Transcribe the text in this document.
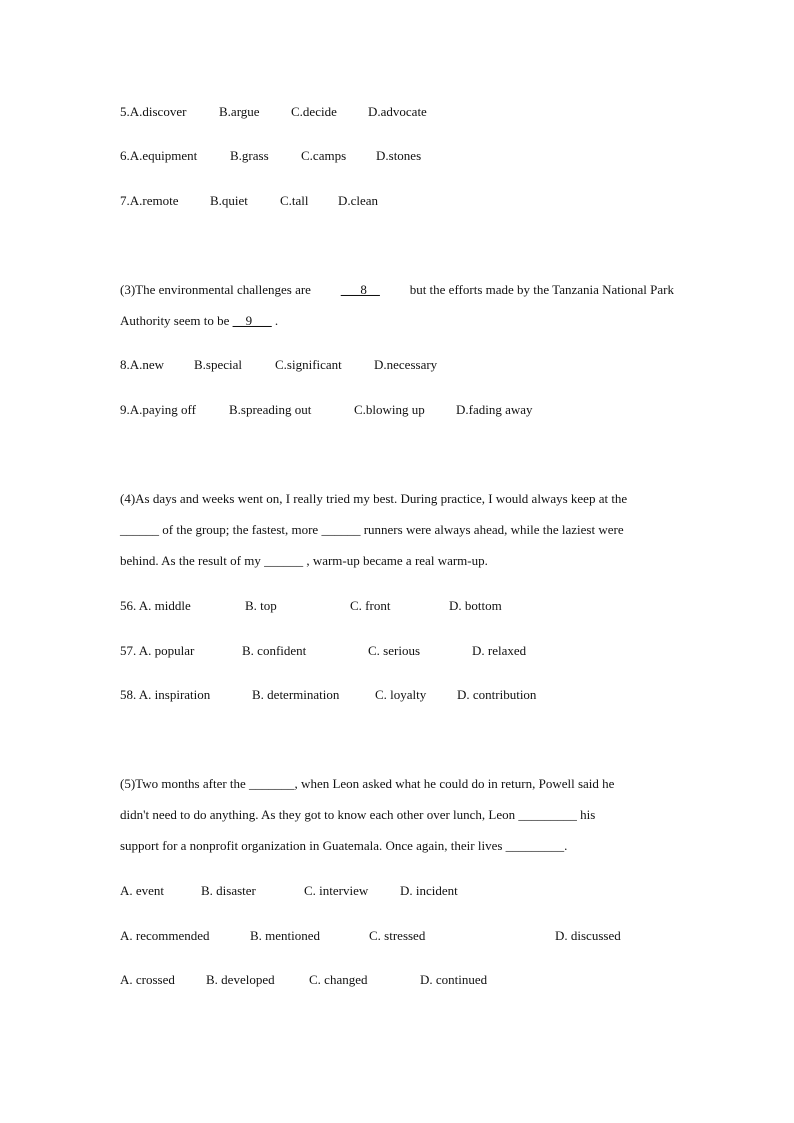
5.A.discover	B.argue C.decide D.advocate
6.A.equipment	B.grass C.camps D.stones
7.A.remote B.quiet C.tall D.clean
(3)The environmental challenges are ___8__ but the efforts made by the Tanzania National Park
Authority seem to be __9___ .
8.A.new B.special	C.significant D.necessary
9.A.paying off	B.spreading out	C.blowing up D.fading away
(4)As days and weeks went on, I really tried my best. During practice, I would always keep at the
______ of the group; the fastest, more ______ runners were always ahead, while the laziest were
behind. As the result of my ______ , warm-up became a real warm-up.
56. A. middle	B. top	C. front	D. bottom
57. A. popular	B. confident	C. serious	D. relaxed
58. A. inspiration	B. determination	C. loyalty D. contribution
(5)Two months after the _______, when Leon asked what he could do in return, Powell said he
didn't need to do anything. As they got to know each other over lunch, Leon _________ his
support for a nonprofit organization in Guatemala. Once again, their lives _________.
A. event	B. disaster	C. interview D. incident
A. recommended	B. mentioned	C. stressed	D. discussed
A. crossed B. developed	C. changed	D. continued
